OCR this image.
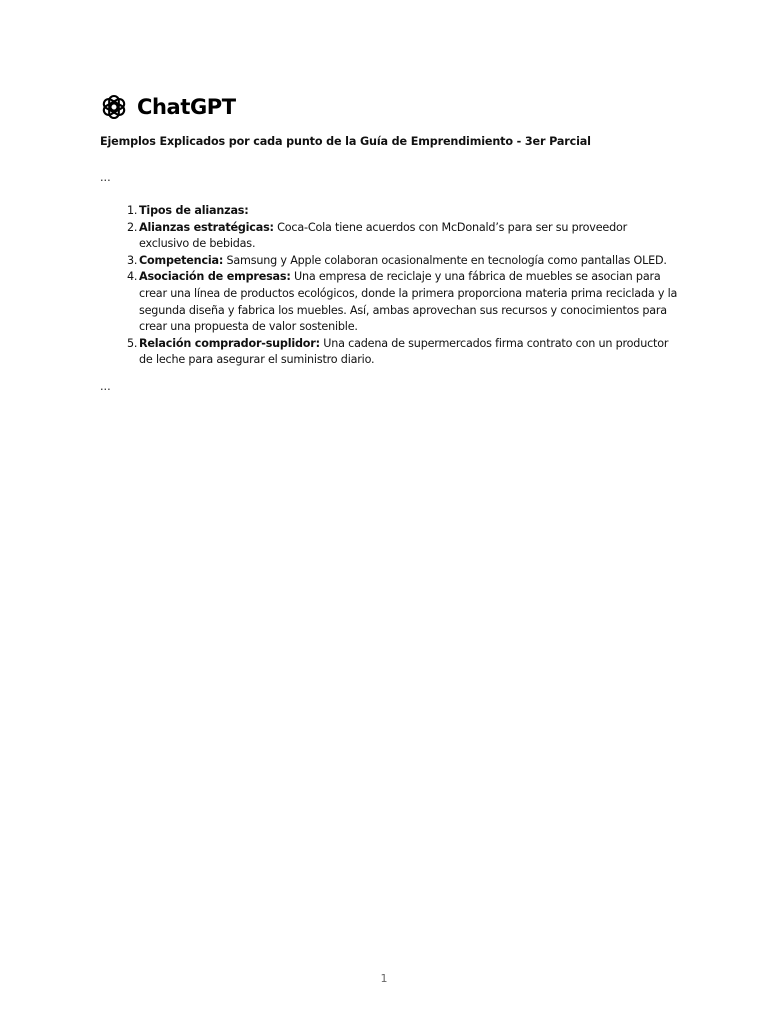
ChatGPT
Ejemplos Explicados por cada punto de la Guía de Emprendimiento - 3er Parcial
...
1. Tipos de alianzas:
2. Alianzas estratégicas: Coca-Cola tiene acuerdos con McDonald’s para ser su proveedor exclusivo de bebidas.
3. Competencia: Samsung y Apple colaboran ocasionalmente en tecnología como pantallas OLED.
4. Asociación de empresas: Una empresa de reciclaje y una fábrica de muebles se asocian para crear una línea de productos ecológicos, donde la primera proporciona materia prima reciclada y la segunda diseña y fabrica los muebles. Así, ambas aprovechan sus recursos y conocimientos para crear una propuesta de valor sostenible.
5. Relación comprador-suplidor: Una cadena de supermercados firma contrato con un productor de leche para asegurar el suministro diario.
...
1
